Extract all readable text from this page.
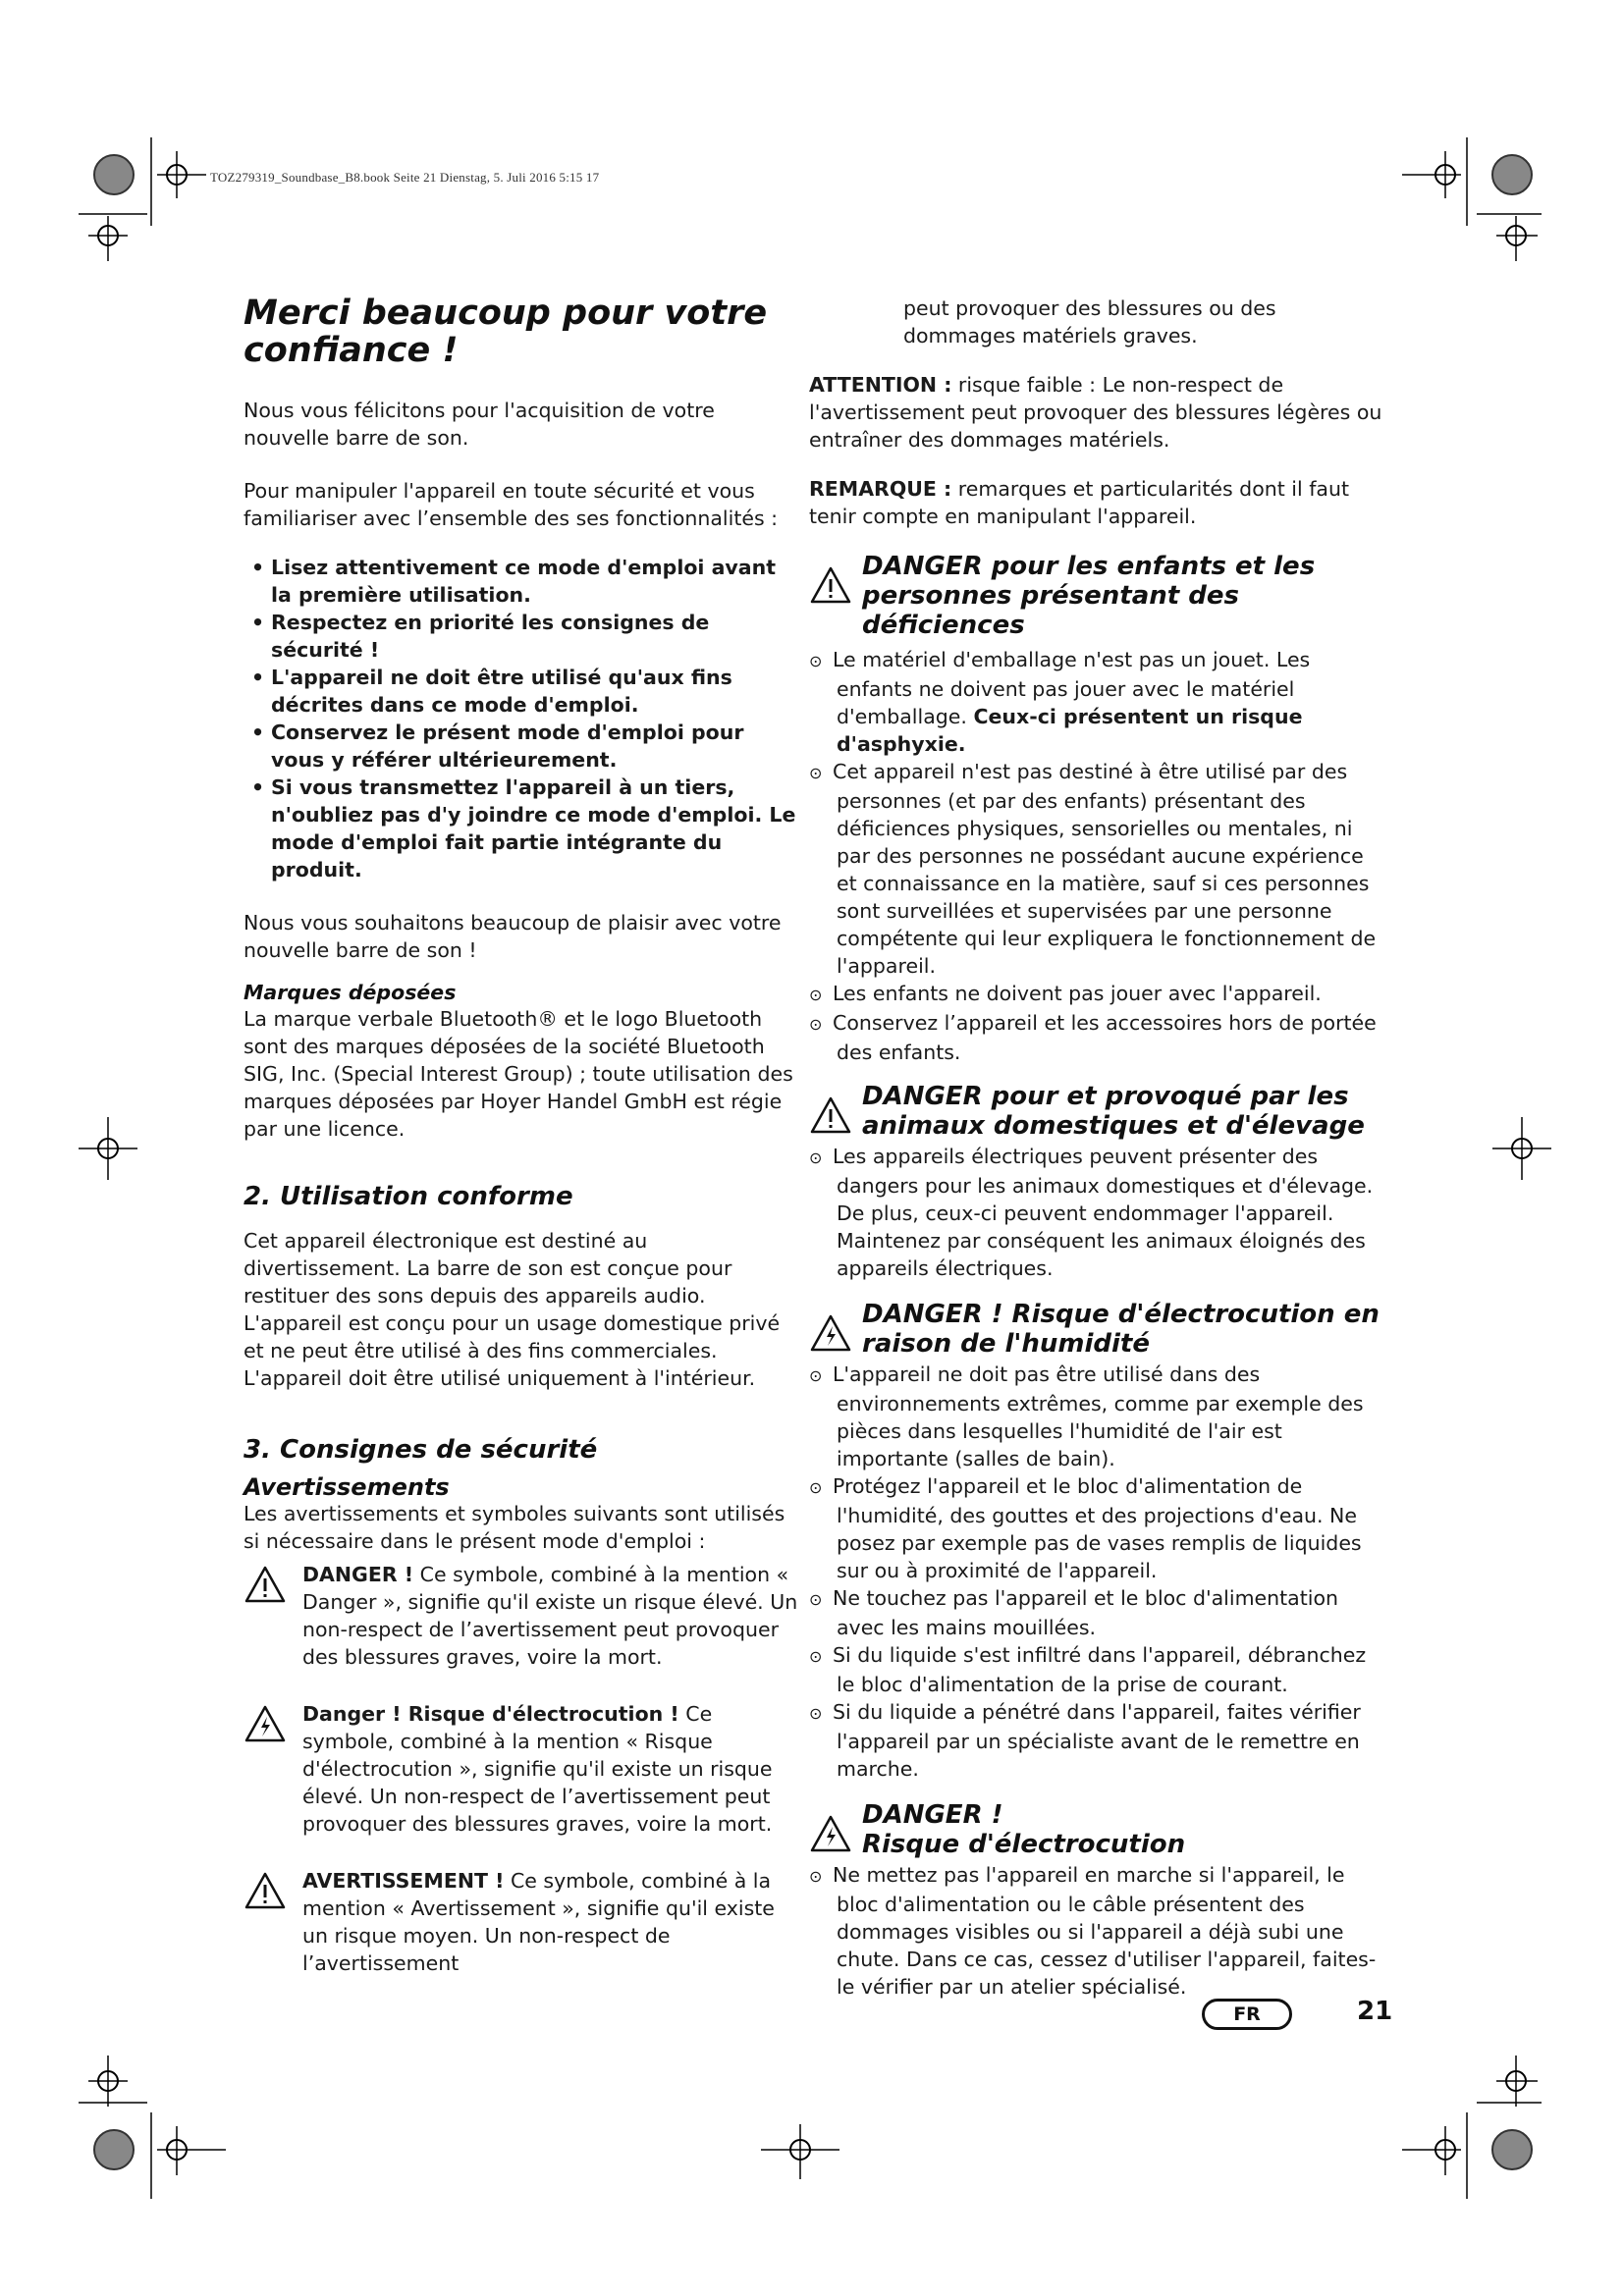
TOZ279319_Soundbase_B8.book Seite 21 Dienstag, 5. Juli 2016 5:15 17
Merci beaucoup pour votre confiance !

Nous vous félicitons pour l'acquisition de votre nouvelle barre de son.

Pour manipuler l'appareil en toute sécurité et vous familiariser avec l’ensemble des ses fonctionnalités :

• Lisez attentivement ce mode d'emploi avant la première utilisation.
• Respectez en priorité les consignes de sécurité !
• L'appareil ne doit être utilisé qu'aux fins décrites dans ce mode d'emploi.
• Conservez le présent mode d'emploi pour vous y référer ultérieurement.
• Si vous transmettez l'appareil à un tiers, n'oubliez pas d'y joindre ce mode d'emploi. Le mode d'emploi fait partie intégrante du produit.

Nous vous souhaitons beaucoup de plaisir avec votre nouvelle barre de son !

Marques déposées

La marque verbale Bluetooth® et le logo Bluetooth sont des marques déposées de la société Bluetooth SIG, Inc. (Special Interest Group) ; toute utilisation des marques déposées par Hoyer Handel GmbH est régie par une licence.

2. Utilisation conforme

Cet appareil électronique est destiné au divertissement. La barre de son est conçue pour restituer des sons depuis des appareils audio.

L'appareil est conçu pour un usage domestique privé et ne peut être utilisé à des fins commerciales. L'appareil doit être utilisé uniquement à l'intérieur.

3. Consignes de sécurité
Avertissements

Les avertissements et symboles suivants sont utilisés si nécessaire dans le présent mode d'emploi :

DANGER ! Ce symbole, combiné à la mention « Danger », signifie qu'il existe un risque élevé. Un non-respect de l’avertissement peut provoquer des blessures graves, voire la mort.

Danger ! Risque d'électrocution ! Ce symbole, combiné à la mention « Risque d'électrocution », signifie qu'il existe un risque élevé. Un non-respect de l’avertissement peut provoquer des blessures graves, voire la mort.

AVERTISSEMENT ! Ce symbole, combiné à la mention « Avertissement », signifie qu'il existe un risque moyen. Un non-respect de l’avertissement

peut provoquer des blessures ou des dommages matériels graves.

ATTENTION : risque faible : Le non-respect de l'avertissement peut provoquer des blessures légères ou entraîner des dommages matériels.

REMARQUE : remarques et particularités dont il faut tenir compte en manipulant l'appareil.

DANGER pour les enfants et les personnes présentant des déficiences
⊙ Le matériel d'emballage n'est pas un jouet. Les enfants ne doivent pas jouer avec le matériel d'emballage. Ceux-ci présentent un risque d'asphyxie.
⊙ Cet appareil n'est pas destiné à être utilisé par des personnes (et par des enfants) présentant des déficiences physiques, sensorielles ou mentales, ni par des personnes ne possédant aucune expérience et connaissance en la matière, sauf si ces personnes sont surveillées et supervisées par une personne compétente qui leur expliquera le fonctionnement de l'appareil.
⊙ Les enfants ne doivent pas jouer avec l'appareil.
⊙ Conservez l’appareil et les accessoires hors de portée des enfants.
DANGER pour et provoqué par les animaux domestiques et d'élevage
⊙ Les appareils électriques peuvent présenter des dangers pour les animaux domestiques et d'élevage. De plus, ceux-ci peuvent endommager l'appareil. Maintenez par conséquent les animaux éloignés des appareils électriques.
DANGER ! Risque d'électrocution en raison de l'humidité
⊙ L'appareil ne doit pas être utilisé dans des environnements extrêmes, comme par exemple des pièces dans lesquelles l'humidité de l'air est importante (salles de bain).
⊙ Protégez l'appareil et le bloc d'alimentation de l'humidité, des gouttes et des projections d'eau. Ne posez par exemple pas de vases remplis de liquides sur ou à proximité de l'appareil.
⊙ Ne touchez pas l'appareil et le bloc d'alimentation avec les mains mouillées.
⊙ Si du liquide s'est infiltré dans l'appareil, débranchez le bloc d'alimentation de la prise de courant.
⊙ Si du liquide a pénétré dans l'appareil, faites vérifier l'appareil par un spécialiste avant de le remettre en marche.
DANGER !
Risque d'électrocution
⊙ Ne mettez pas l'appareil en marche si l'appareil, le bloc d'alimentation ou le câble présentent des dommages visibles ou si l'appareil a déjà subi une chute. Dans ce cas, cessez d'utiliser l'appareil, faites-le vérifier par un atelier spécialisé.
FR	21
